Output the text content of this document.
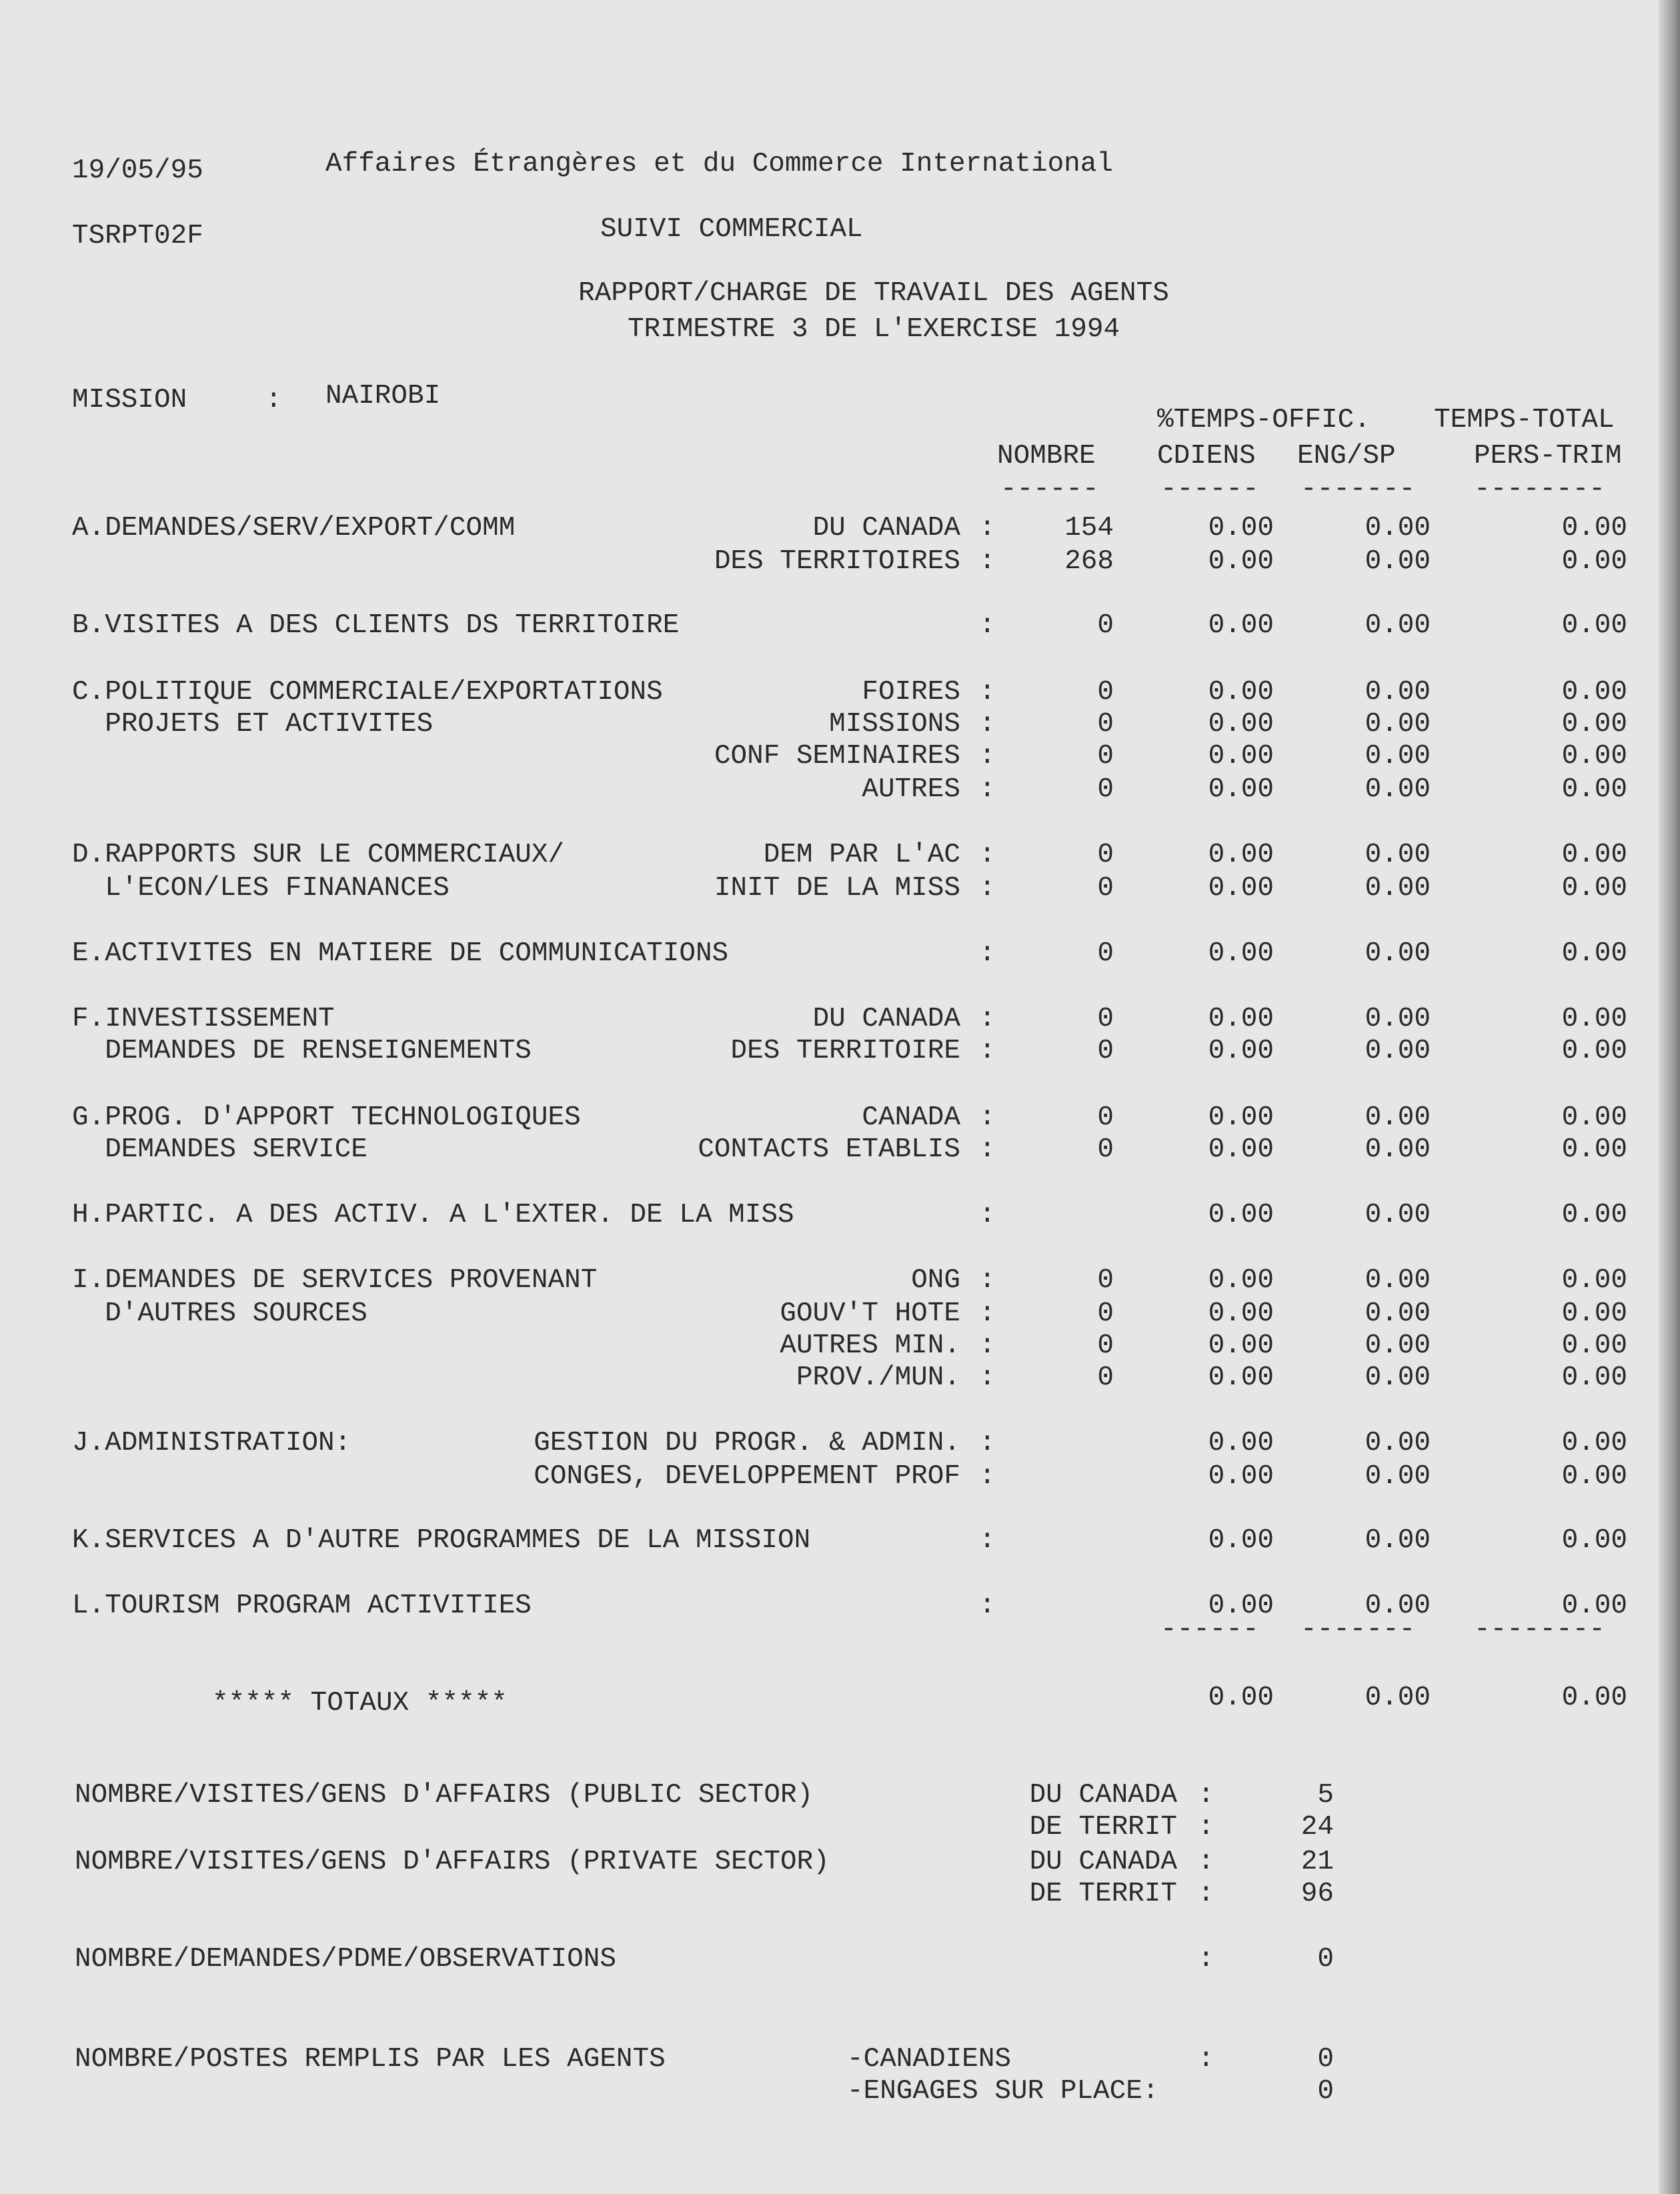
19/05/95	Affaires Étrangères et du Commerce International
TSRPT02F	SUIVI COMMERCIAL
RAPPORT/CHARGE DE TRAVAIL DES AGENTS
TRIMESTRE 3 DE L'EXERCISE 1994
MISSION	: NAIROBI
%TEMPS-OFFIC. TEMPS-TOTAL
NOMBRE CDIENS ENG/SP	PERS-TRIM
------ ------ ------- --------
A.DEMANDES/SERV/EXPORT/COMM	DU CANADA :	154	0.00	0.00	0.00
DES TERRITOIRES :	268	0.00	0.00	0.00
B.VISITES A DES CLIENTS DS TERRITOIRE	:	0	0.00	0.00	0.00
C.POLITIQUE COMMERCIALE/EXPORTATIONS	FOIRES :	0	0.00	0.00	0.00
PROJETS ET ACTIVITES	MISSIONS :	0	0.00	0.00	0.00
CONF SEMINAIRES :	0	0.00	0.00	0.00
AUTRES :	0	0.00	0.00	0.00
D.RAPPORTS SUR LE COMMERCIAUX/	DEM PAR L'AC :	0	0.00	0.00	0.00
L'ECON/LES FINANANCES	INIT DE LA MISS :	0	0.00	0.00	0.00
E.ACTIVITES EN MATIERE DE COMMUNICATIONS	:	0	0.00	0.00	0.00
F.INVESTISSEMENT	DU CANADA :	0	0.00	0.00	0.00
DEMANDES DE RENSEIGNEMENTS	DES TERRITOIRE :	0	0.00	0.00	0.00
G.PROG. D'APPORT TECHNOLOGIQUES	CANADA :	0	0.00	0.00	0.00
DEMANDES SERVICE	CONTACTS ETABLIS :	0	0.00	0.00	0.00
H.PARTIC. A DES ACTIV. A L'EXTER. DE LA MISS	:	0.00	0.00	0.00
I.DEMANDES DE SERVICES PROVENANT	ONG :	0	0.00	0.00	0.00
D'AUTRES SOURCES	GOUV'T HOTE :	0	0.00	0.00	0.00
AUTRES MIN. :	0	0.00	0.00	0.00
PROV./MUN. :	0	0.00	0.00	0.00
J.ADMINISTRATION:	GESTION DU PROGR. & ADMIN. :	0.00	0.00	0.00
CONGES, DEVELOPPEMENT PROF :	0.00	0.00	0.00
K.SERVICES A D'AUTRE PROGRAMMES DE LA MISSION	:	0.00	0.00	0.00
L.TOURISM PROGRAM ACTIVITIES	:	0.00	0.00	0.00
------ ------- --------
***** TOTAUX *****	0.00	0.00	0.00
NOMBRE/VISITES/GENS D'AFFAIRS (PUBLIC SECTOR)	DU CANADA :	5
DE TERRIT :	24
NOMBRE/VISITES/GENS D'AFFAIRS (PRIVATE SECTOR)	DU CANADA :	21
DE TERRIT :	96
NOMBRE/DEMANDES/PDME/OBSERVATIONS	:	0
NOMBRE/POSTES REMPLIS PAR LES AGENTS	-CANADIENS	:	0
-ENGAGES SUR PLACE:	0
